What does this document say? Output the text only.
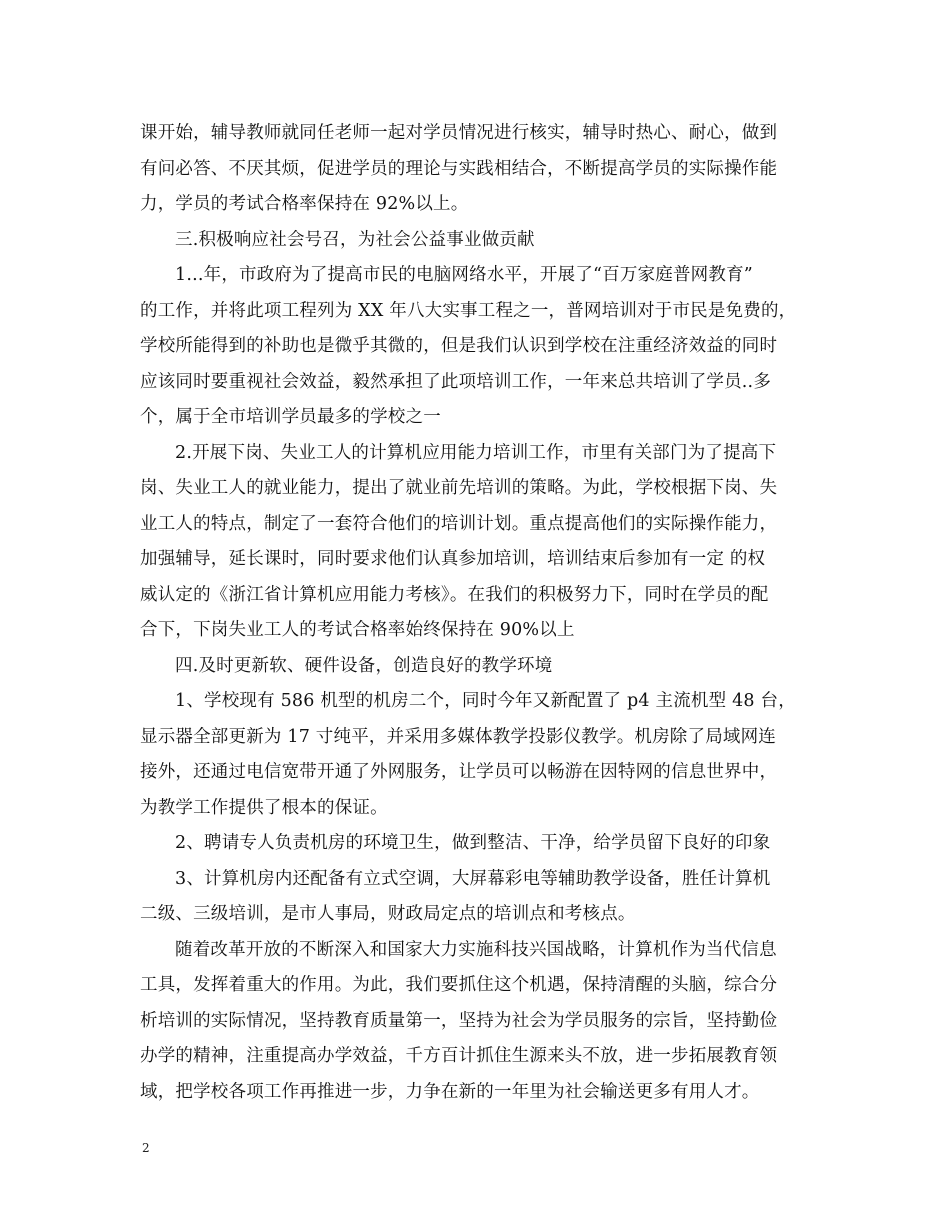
课开始，辅导教师就同任老师一起对学员情况进行核实，辅导时热心、耐心，做到
有问必答、不厌其烦，促进学员的理论与实践相结合，不断提高学员的实际操作能
力，学员的考试合格率保持在 92%以上。
三.积极响应社会号召，为社会公益事业做贡献
1...年，市政府为了提高市民的电脑网络水平，开展了“百万家庭普网教育”
的工作，并将此项工程列为 XX 年八大实事工程之一，普网培训对于市民是免费的，
学校所能得到的补助也是微乎其微的，但是我们认识到学校在注重经济效益的同时
应该同时要重视社会效益，毅然承担了此项培训工作，一年来总共培训了学员..多
个，属于全市培训学员最多的学校之一
2.开展下岗、失业工人的计算机应用能力培训工作，市里有关部门为了提高下
岗、失业工人的就业能力，提出了就业前先培训的策略。为此，学校根据下岗、失
业工人的特点，制定了一套符合他们的培训计划。重点提高他们的实际操作能力，
加强辅导，延长课时，同时要求他们认真参加培训，培训结束后参加有一定 的权
威认定的《浙江省计算机应用能力考核》。在我们的积极努力下，同时在学员的配
合下，下岗失业工人的考试合格率始终保持在 90%以上
四.及时更新软、硬件设备，创造良好的教学环境
1、学校现有 586 机型的机房二个，同时今年又新配置了 p4 主流机型 48 台，
显示器全部更新为 17 寸纯平，并采用多媒体教学投影仪教学。机房除了局域网连
接外，还通过电信宽带开通了外网服务，让学员可以畅游在因特网的信息世界中，
为教学工作提供了根本的保证。
2、聘请专人负责机房的环境卫生，做到整洁、干净，给学员留下良好的印象
3、计算机房内还配备有立式空调，大屏幕彩电等辅助教学设备，胜任计算机
二级、三级培训，是市人事局，财政局定点的培训点和考核点。
随着改革开放的不断深入和国家大力实施科技兴国战略，计算机作为当代信息
工具，发挥着重大的作用。为此，我们要抓住这个机遇，保持清醒的头脑，综合分
析培训的实际情况，坚持教育质量第一，坚持为社会为学员服务的宗旨，坚持勤俭
办学的精神，注重提高办学效益，千方百计抓住生源来头不放，进一步拓展教育领
域，把学校各项工作再推进一步，力争在新的一年里为社会输送更多有用人才。
2
